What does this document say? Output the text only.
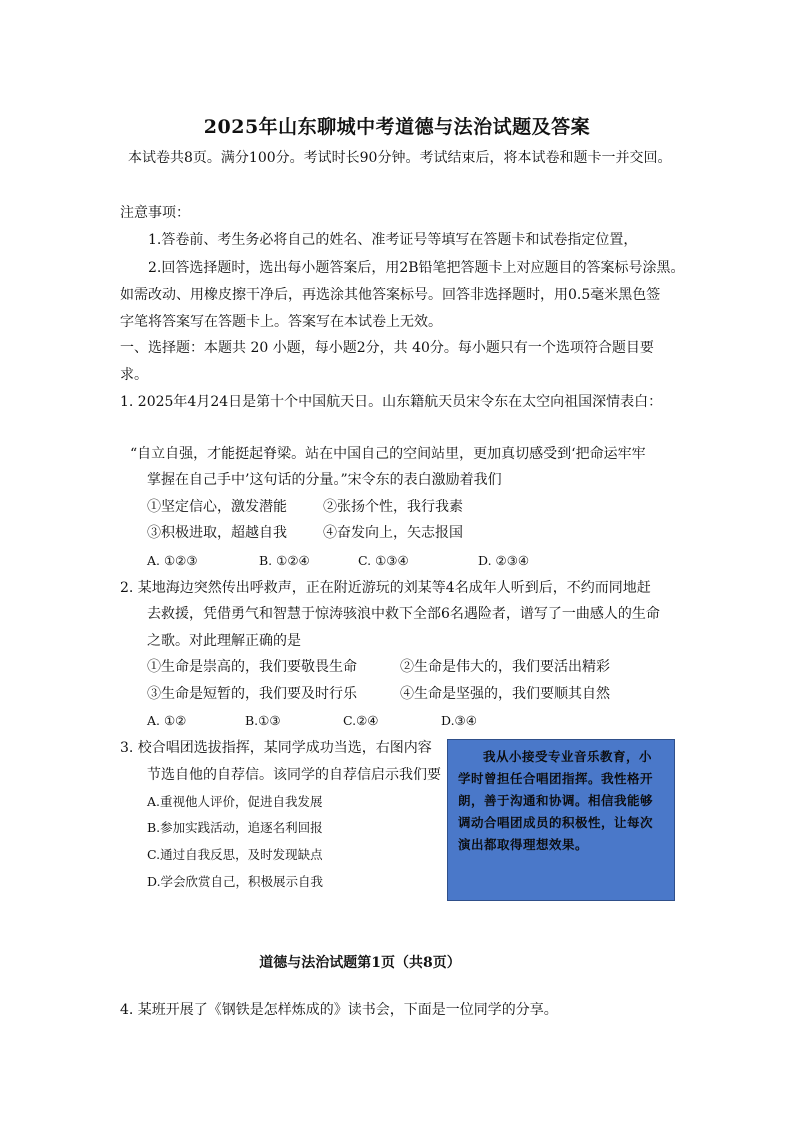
2025年山东聊城中考道德与法治试题及答案
本试卷共8页。满分100分。考试时长90分钟。考试结束后，将本试卷和题卡一并交回。
注意事项：
1.答卷前、考生务必将自己的姓名、准考证号等填写在答题卡和试卷指定位置，
2.回答选择题时，选出每小题答案后，用2B铅笔把答题卡上对应题目的答案标号涂黑。
如需改动、用橡皮擦干净后，再选涂其他答案标号。回答非选择题时，用0.5毫米黑色签
字笔将答案写在答题卡上。答案写在本试卷上无效。
一、选择题：本题共 20 小题，每小题2分，共 40分。每小题只有一个选项符合题目要
求。
1. 2025年4月24日是第十个中国航天日。山东籍航天员宋令东在太空向祖国深情表白：
“自立自强，才能挺起脊梁。站在中国自己的空间站里，更加真切感受到‘把命运牢牢
掌握在自己手中’这句话的分量。”宋令东的表白激励着我们
①坚定信心，激发潜能	②张扬个性，我行我素
③积极进取，超越自我	④奋发向上，矢志报国
A. ①②③	B. ①②④	C. ①③④	D. ②③④
2. 某地海边突然传出呼救声，正在附近游玩的刘某等4名成年人听到后，不约而同地赶
去救援，凭借勇气和智慧于惊涛骇浪中救下全部6名遇险者，谱写了一曲感人的生命
之歌。对此理解正确的是
①生命是崇高的，我们要敬畏生命	②生命是伟大的，我们要活出精彩
③生命是短暂的，我们要及时行乐	④生命是坚强的，我们要顺其自然
A. ①②	B.①③	C.②④	D.③④
3. 校合唱团选拔指挥，某同学成功当选，右图内容
节选自他的自荐信。该同学的自荐信启示我们要
A.重视他人评价，促进自我发展
B.参加实践活动，追逐名利回报
C.通过自我反思，及时发现缺点
D.学会欣赏自己，积极展示自我

我从小接受专业音乐教育，小学时曾担任合唱团指挥。我性格开朗，善于沟通和协调。相信我能够调动合唱团成员的积极性，让每次演出都取得理想效果。

道德与法治试题第1页（共8页）
4. 某班开展了《钢铁是怎样炼成的》读书会，下面是一位同学的分享。
